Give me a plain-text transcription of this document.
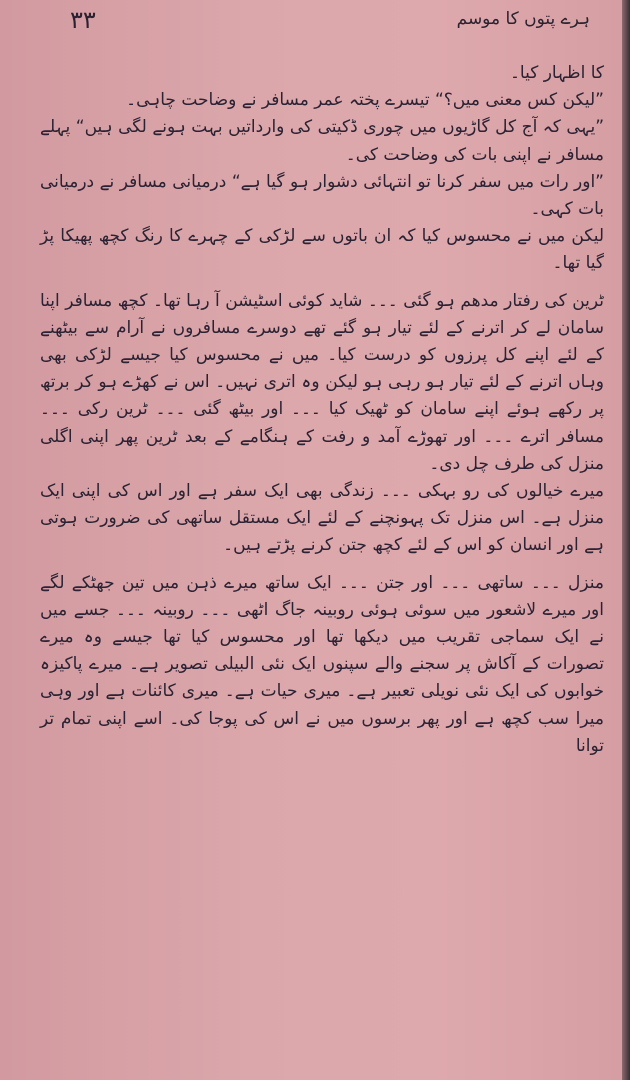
۳۳	ہرے پتوں کا موسم
کا اظہار کیا۔
”لیکن کس معنی میں؟“ تیسرے پختہ عمر مسافر نے وضاحت چاہی۔
”یہی کہ آج کل گاڑیوں میں چوری ڈکیتی کی وارداتیں بہت ہونے لگی ہیں“ پہلے مسافر نے اپنی بات کی وضاحت کی۔
”اور رات میں سفر کرنا تو انتہائی دشوار ہو گیا ہے“ درمیانی مسافر نے درمیانی بات کہی۔
لیکن میں نے محسوس کیا کہ ان باتوں سے لڑکی کے چہرے کا رنگ کچھ پھیکا پڑ گیا تھا۔
ٹرین کی رفتار مدھم ہو گئی ۔۔۔ شاید کوئی اسٹیشن آ رہا تھا۔ کچھ مسافر اپنا سامان لے کر اترنے کے لئے تیار ہو گئے تھے دوسرے مسافروں نے آرام سے بیٹھنے کے لئے اپنے کل پرزوں کو درست کیا۔ میں نے محسوس کیا جیسے لڑکی بھی وہاں اترنے کے لئے تیار ہو رہی ہو لیکن وہ اتری نہیں۔ اس نے کھڑے ہو کر برتھ پر رکھے ہوئے اپنے سامان کو ٹھیک کیا ۔۔۔ اور بیٹھ گئی ۔۔۔ ٹرین رکی ۔۔۔ مسافر اترے ۔۔۔ اور تھوڑے آمد و رفت کے ہنگامے کے بعد ٹرین پھر اپنی اگلی منزل کی طرف چل دی۔
میرے خیالوں کی رو بہکی ۔۔۔ زندگی بھی ایک سفر ہے اور اس کی اپنی ایک منزل ہے۔ اس منزل تک پہونچنے کے لئے ایک مستقل ساتھی کی ضرورت ہوتی ہے اور انسان کو اس کے لئے کچھ جتن کرنے پڑتے ہیں۔
منزل ۔۔۔ ساتھی ۔۔۔ اور جتن ۔۔۔ ایک ساتھ میرے ذہن میں تین جھٹکے لگے اور میرے لاشعور میں سوئی ہوئی روبینہ جاگ اٹھی ۔۔۔ روبینہ ۔۔۔ جسے میں نے ایک سماجی تقریب میں دیکھا تھا اور محسوس کیا تھا جیسے وہ میرے تصورات کے آکاش پر سجنے والے سپنوں ایک نئی البیلی تصویر ہے۔ میرے پاکیزہ خوابوں کی ایک نئی نویلی تعبیر ہے۔ میری حیات ہے۔ میری کائنات ہے اور وہی میرا سب کچھ ہے اور پھر برسوں میں نے اس کی پوجا کی۔ اسے اپنی تمام تر توانا
